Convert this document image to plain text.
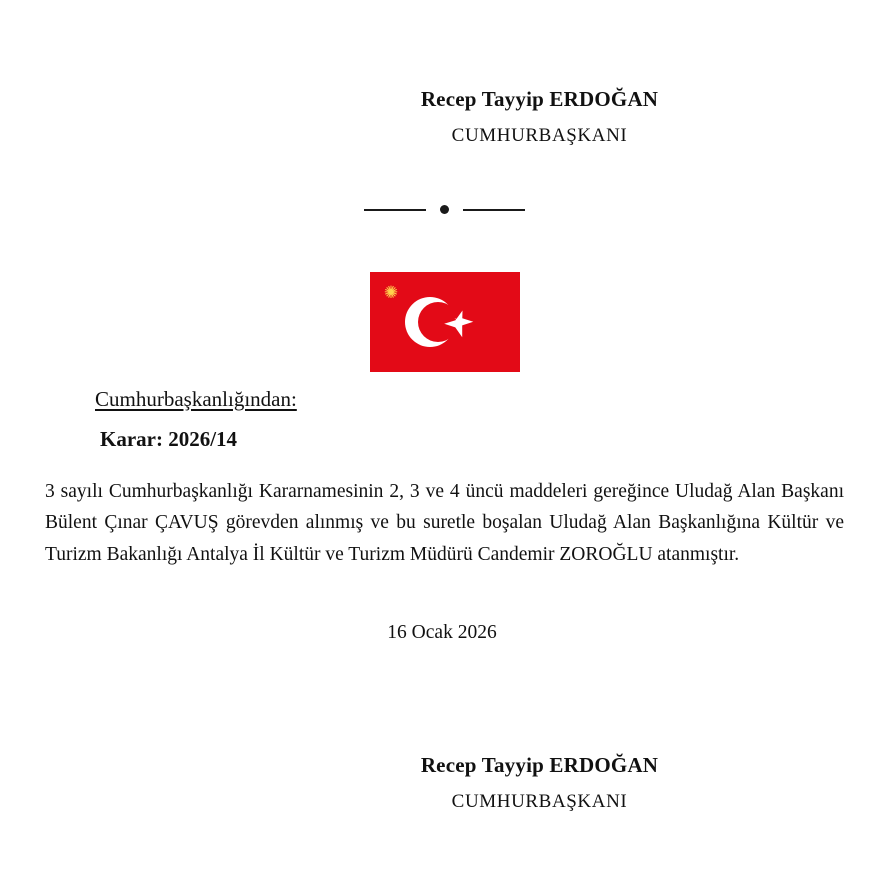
Recep Tayyip ERDOĞAN
CUMHURBAŞKANI
✺
Cumhurbaşkanlığından:
Karar: 2026/14

3 sayılı Cumhurbaşkanlığı Kararnamesinin 2, 3 ve 4 üncü maddeleri gereğince Uludağ Alan Başkanı Bülent Çınar ÇAVUŞ görevden alınmış ve bu suretle boşalan Uludağ Alan Başkanlığına Kültür ve Turizm Bakanlığı Antalya İl Kültür ve Turizm Müdürü Candemir ZOROĞLU atanmıştır.

16 Ocak 2026
Recep Tayyip ERDOĞAN
CUMHURBAŞKANI
